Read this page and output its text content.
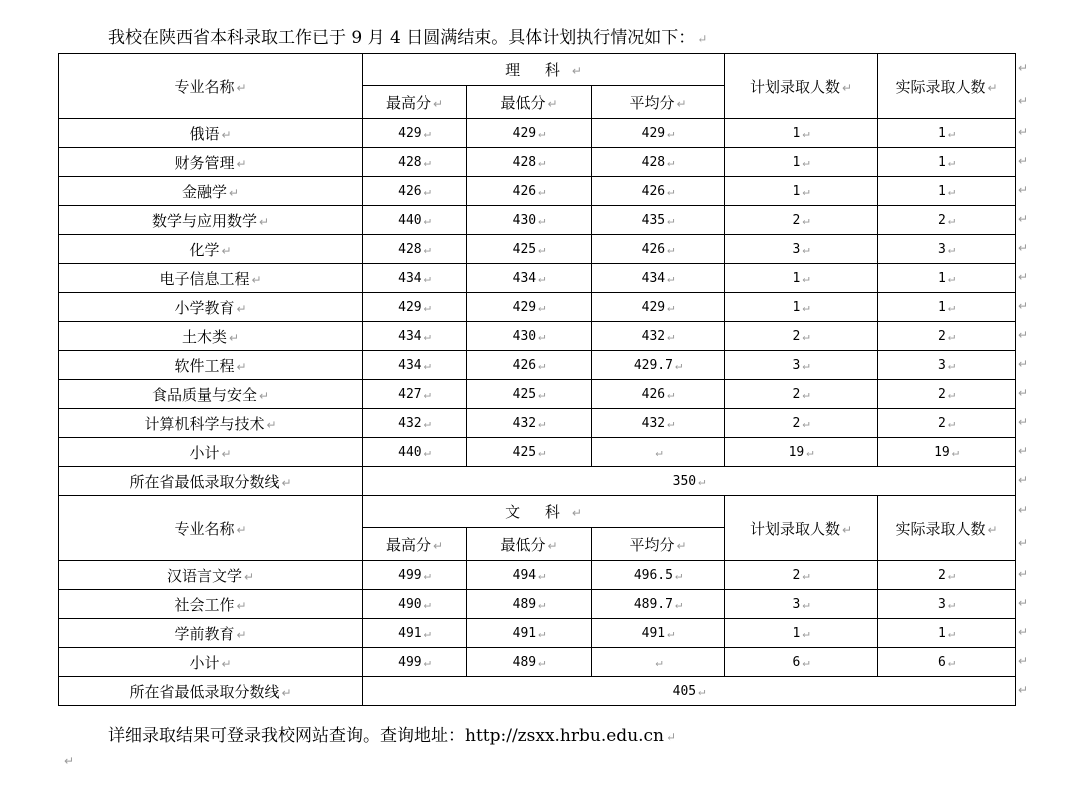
我校在陕西省本科录取工作已于 9 月 4 日圆满结束。具体计划执行情况如下： ↵

专业名称 ↵	理 科 ↵			计划录取人数 ↵	实际录取人数 ↵
	最高分 ↵	最低分 ↵	平均分 ↵		
俄语 ↵	429 ↵	429 ↵	429 ↵	1 ↵	1 ↵
财务管理 ↵	428 ↵	428 ↵	428 ↵	1 ↵	1 ↵
金融学 ↵	426 ↵	426 ↵	426 ↵	1 ↵	1 ↵
数学与应用数学 ↵	440 ↵	430 ↵	435 ↵	2 ↵	2 ↵
化学 ↵	428 ↵	425 ↵	426 ↵	3 ↵	3 ↵
电子信息工程 ↵	434 ↵	434 ↵	434 ↵	1 ↵	1 ↵
小学教育 ↵	429 ↵	429 ↵	429 ↵	1 ↵	1 ↵
土木类 ↵	434 ↵	430 ↵	432 ↵	2 ↵	2 ↵
软件工程 ↵	434 ↵	426 ↵	429.7 ↵	3 ↵	3 ↵
食品质量与安全 ↵	427 ↵	425 ↵	426 ↵	2 ↵	2 ↵
计算机科学与技术 ↵	432 ↵	432 ↵	432 ↵	2 ↵	2 ↵
小计 ↵	440 ↵	425 ↵	↵	19 ↵	19 ↵
所在省最低录取分数线 ↵	350 ↵				
专业名称 ↵	文 科 ↵			计划录取人数 ↵	实际录取人数 ↵
	最高分 ↵	最低分 ↵	平均分 ↵		
汉语言文学 ↵	499 ↵	494 ↵	496.5 ↵	2 ↵	2 ↵
社会工作 ↵	490 ↵	489 ↵	489.7 ↵	3 ↵	3 ↵
学前教育 ↵	491 ↵	491 ↵	491 ↵	1 ↵	1 ↵
小计 ↵	499 ↵	489 ↵	↵	6 ↵	6 ↵
所在省最低录取分数线 ↵	405 ↵				
↵
↵
↵
↵
↵
↵
↵
↵
↵
↵
↵
↵
↵
↵
↵
↵
↵
↵
↵
↵
↵
↵

详细录取结果可登录我校网站查询。查询地址：http://zsxx.hrbu.edu.cn ↵

↵
